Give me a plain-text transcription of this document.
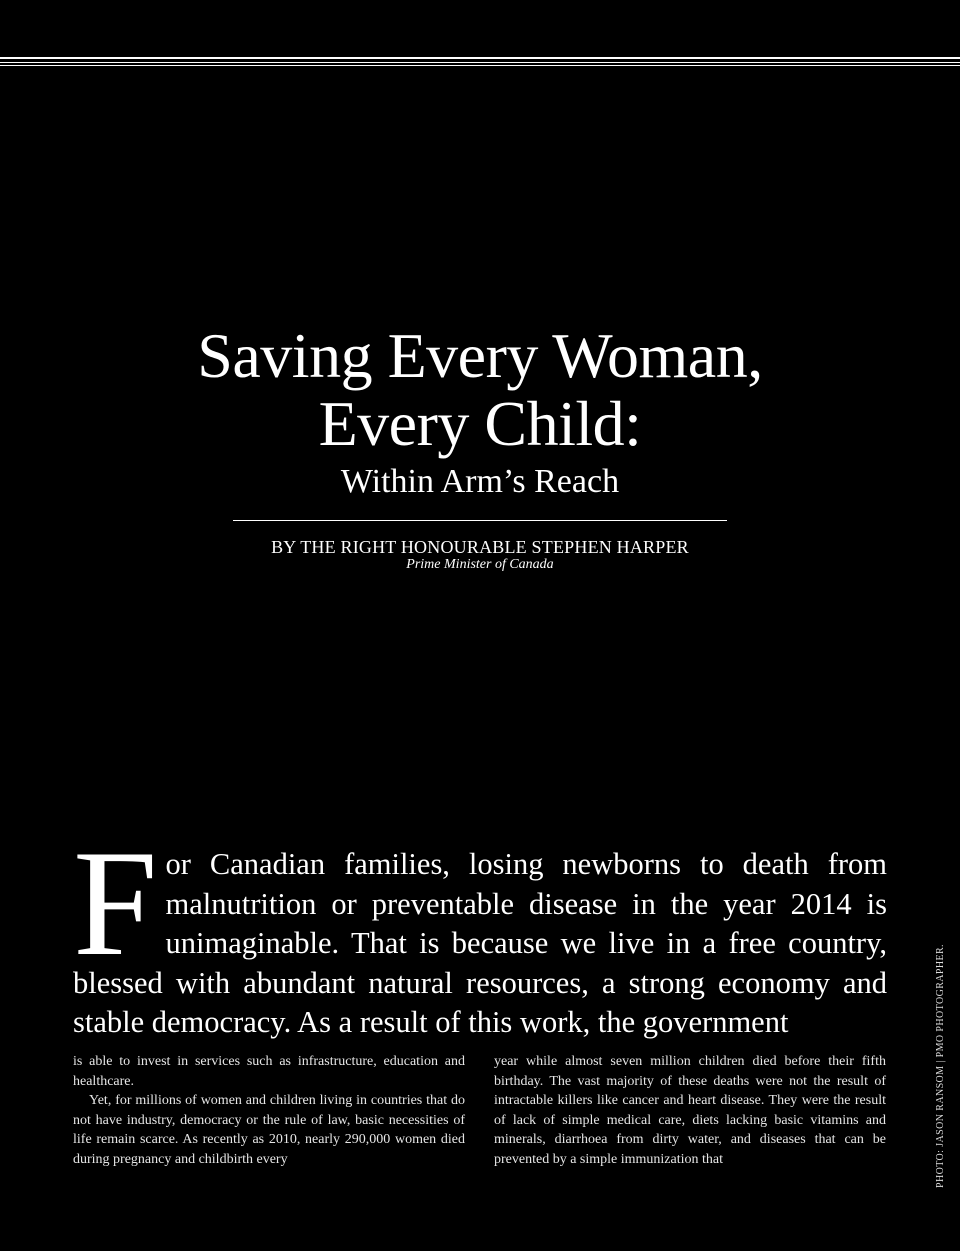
Saving Every Woman,
Every Child:
Within Arm’s Reach
BY THE RIGHT HONOURABLE STEPHEN HARPER
Prime Minister of Canada
F or Canadian families, losing newborns to death from malnutrition or preventable disease in the year 2014 is unimaginable. That is because we live in a free country, blessed with abundant natural resources, a strong economy and stable democracy. As a result of this work, the government

is able to invest in services such as infrastructure, education and healthcare.

Yet, for millions of women and children living in countries that do not have industry, democracy or the rule of law, basic necessities of life remain scarce. As recently as 2010, nearly 290,000 women died during pregnancy and childbirth every

year while almost seven million children died before their fifth birthday. The vast majority of these deaths were not the result of intractable killers like cancer and heart disease. They were the result of lack of simple medical care, diets lacking basic vitamins and minerals, diarrhoea from dirty water, and diseases that can be prevented by a simple immunization that	PHOTO: JASON RANSOM | PMO PHOTOGRAPHER.
